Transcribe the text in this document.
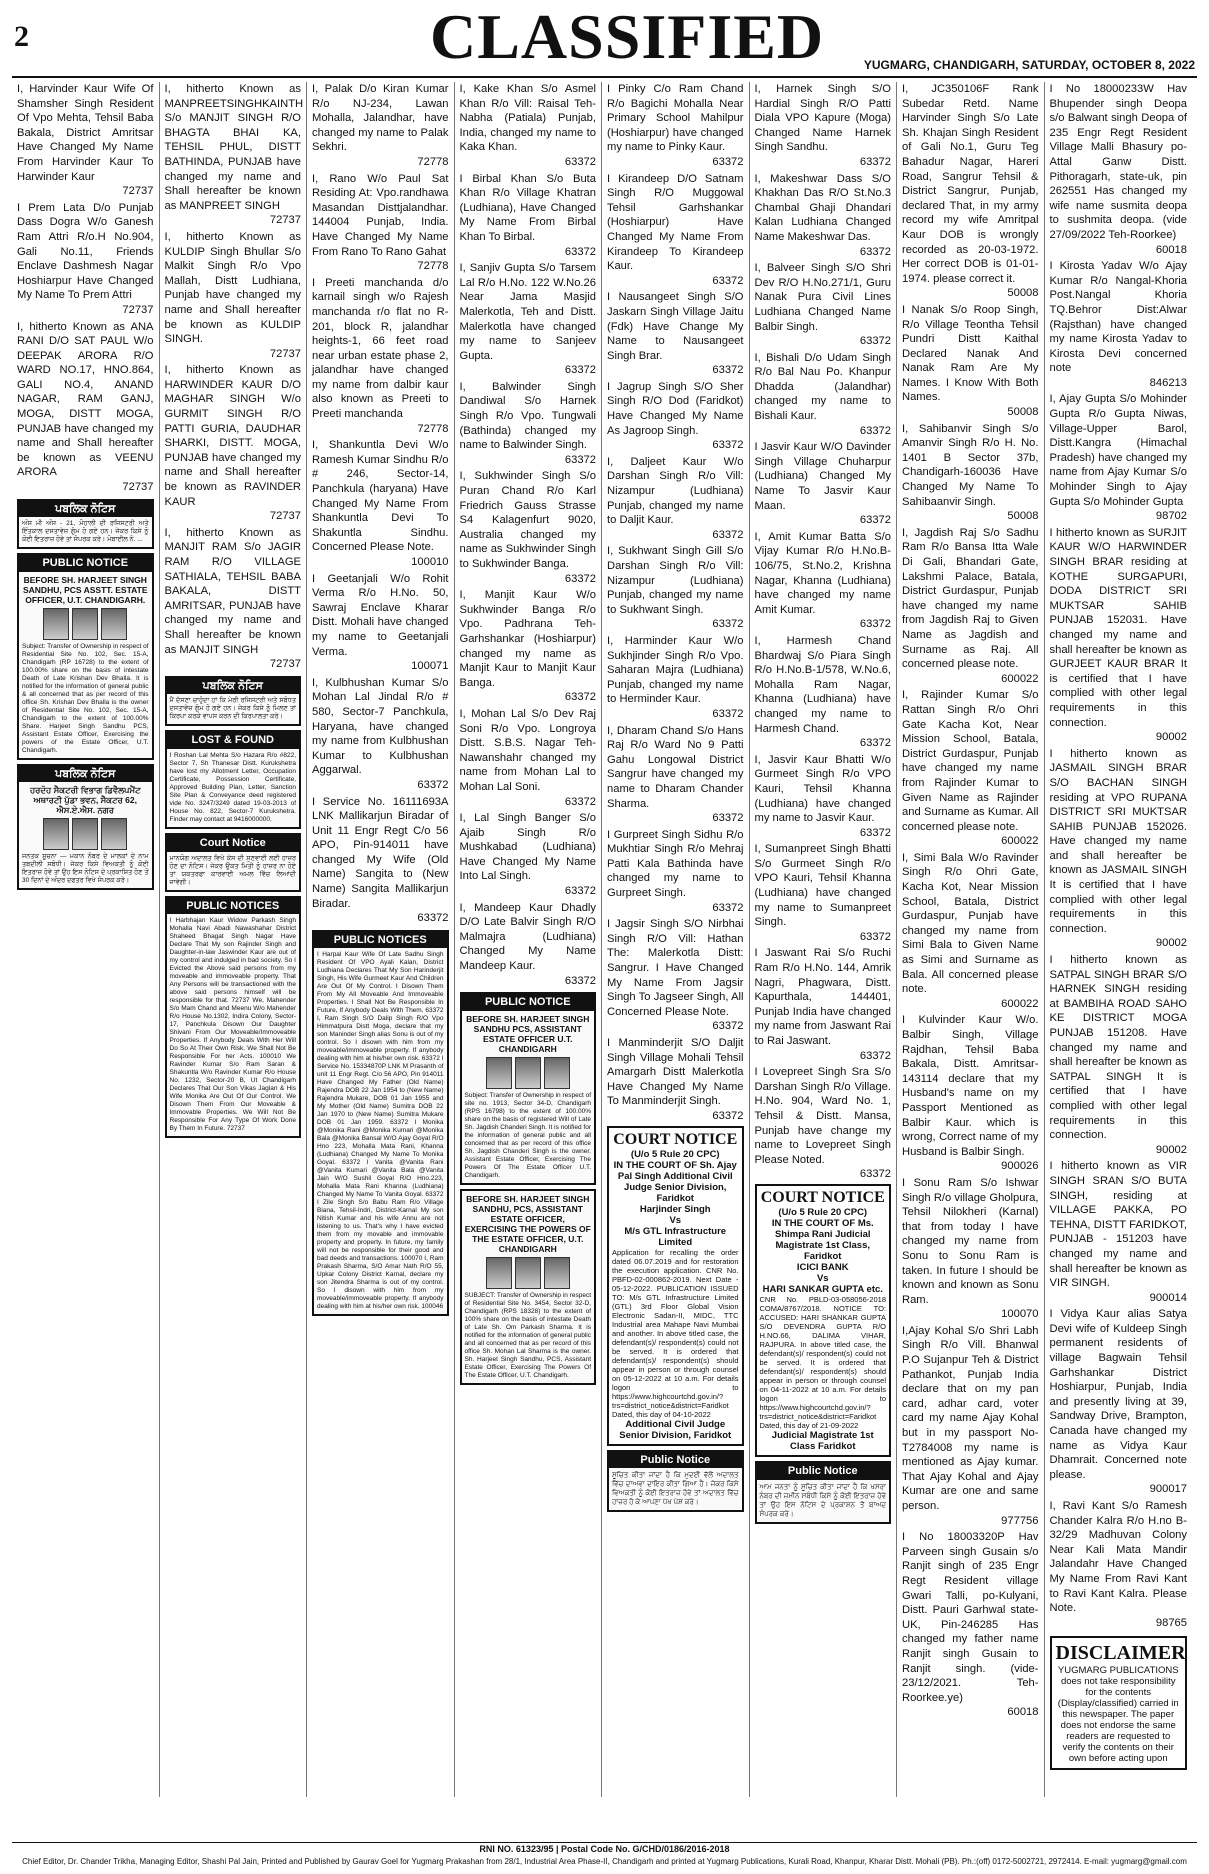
2	CLASSIFIED	YUGMARG, CHANDIGARH, SATURDAY, OCTOBER 8, 2022

I, Harvinder Kaur Wife Of Shamsher Singh Resident Of Vpo Mehta, Tehsil Baba Bakala, District Amritsar Have Changed My Name From Harvinder Kaur To Harwinder Kaur

72737

I Prem Lata D/o Punjab Dass Dogra W/o Ganesh Ram Attri R/o.H No.904, Gali No.11, Friends Enclave Dashmesh Nagar Hoshiarpur Have Changed My Name To Prem Attri

72737

I, hitherto Known as ANA RANI D/O SAT PAUL W/o DEEPAK ARORA R/O WARD NO.17, HNO.864, GALI NO.4, ANAND NAGAR, RAM GANJ, MOGA, DISTT MOGA, PUNJAB have changed my name and Shall hereafter be known as VEENU ARORA

72737
ਪਬਲਿਕ ਨੋਟਿਸ
ਅੰਸ ਮੀ ਅੰਸ - 21, ਮੋਹਾਲੀ ਦੀ ਰਜਿਸਟਰੀ ਅਤੇ ਇੰਤਕਾਲ ਦਸਤਾਵੇਜ਼ ਗੁੰਮ ਹੋ ਗਏ ਹਨ। ਜੇਕਰ ਕਿਸੇ ਨੂੰ ਕੋਈ ਇਤਰਾਜ਼ ਹੋਵੇ ਤਾਂ ਸੰਪਰਕ ਕਰੇ। ਮੋਬਾਈਲ ਨੰ. ...
PUBLIC NOTICE
BEFORE SH. HARJEET SINGH SANDHU, PCS ASSTT. ESTATE OFFICER, U.T. CHANDIGARH.
Subject: Transfer of Ownership in respect of Residential Site No. 102, Sec. 15-A, Chandigarh (RP 16728) to the extent of 100.00% share on the basis of intestate Death of Late Krishan Dev Bhalla. It is notified for the information of general public & all concerned that as per record of this office Sh. Krishan Dev Bhalla is the owner of Residential Site No. 102, Sec. 15-A, Chandigarh to the extent of 100.00% Share. Harjeet Singh Sandhu PCS, Assistant Estate Officer, Exercising the powers of the Estate Officer, U.T. Chandigarh.
ਪਬਲਿਕ ਨੋਟਿਸ
ਹਰਦੋਹ ਸੈਕਟਰੀ ਵਿਭਾਗ ਡਿਵੈਲਪਮੈਂਟ ਅਥਾਰਟੀ ਪੁੱਡਾ ਭਵਨ, ਸੈਕਟਰ 62, ਐਸ.ਏ.ਐਸ. ਨਗਰ
ਜਨਤਕ ਸੂਚਨਾ — ਮਕਾਨ ਨੰਬਰ ਦੇ ਮਾਲਕਾਂ ਦੇ ਨਾਮ ਤਬਦੀਲੀ ਸਬੰਧੀ। ਜੇਕਰ ਕਿਸੇ ਵਿਅਕਤੀ ਨੂੰ ਕੋਈ ਇਤਰਾਜ਼ ਹੋਵੇ ਤਾਂ ਉਹ ਇਸ ਨੋਟਿਸ ਦੇ ਪ੍ਰਕਾਸ਼ਿਤ ਹੋਣ ਤੋਂ 30 ਦਿਨਾਂ ਦੇ ਅੰਦਰ ਦਫਤਰ ਵਿਖੇ ਸੰਪਰਕ ਕਰੇ।

I, hitherto Known as MANPREETSINGHKAINTH S/o MANJIT SINGH R/O BHAGTA BHAI KA, TEHSIL PHUL, DISTT BATHINDA, PUNJAB have changed my name and Shall hereafter be known as MANPREET SINGH

72737

I, hitherto Known as KULDIP Singh Bhullar S/o Malkit Singh R/o Vpo Mallah, Distt Ludhiana, Punjab have changed my name and Shall hereafter be known as KULDIP SINGH.

72737

I, hitherto Known as HARWINDER KAUR D/O MAGHAR SINGH W/o GURMIT SINGH R/O PATTI GURIA, DAUDHAR SHARKI, DISTT. MOGA, PUNJAB have changed my name and Shall hereafter be known as RAVINDER KAUR

72737

I, hitherto Known as MANJIT RAM S/o JAGIR RAM R/O VILLAGE SATHIALA, TEHSIL BABA BAKALA, DISTT AMRITSAR, PUNJAB have changed my name and Shall hereafter be known as MANJIT SINGH

72737
ਪਬਲਿਕ ਨੋਟਿਸ
ਮੈਂ ਦੱਸਣਾ ਚਾਹੁੰਦਾ ਹਾਂ ਕਿ ਮੇਰੀ ਰਜਿਸਟਰੀ ਅਤੇ ਸਬੰਧਤ ਦਸਤਾਵੇਜ਼ ਗੁੰਮ ਹੋ ਗਏ ਹਨ। ਜੇਕਰ ਕਿਸੇ ਨੂੰ ਮਿਲਣ ਤਾਂ ਕਿਰਪਾ ਕਰਕੇ ਵਾਪਸ ਕਰਨ ਦੀ ਕਿਰਪਾਲਤਾ ਕਰੇ।
LOST & FOUND
I Roshan Lal Mehta S/o Hazara R/o #822, Sector 7, Sh Thanesar Distt. Kurukshetra have lost my Allotment Letter, Occupation Certificate, Possession Certificate, Approved Building Plan, Letter, Sanction Site Plan & Conveyance deed registered vide No. 3247/3249 dated 19-03-2013 of House No. 822, Sector-7 Kurukshetra. Finder may contact at 9416000000.
Court Notice
ਮਾਨਯੋਗ ਅਦਾਲਤ ਵਿਖੇ ਕੇਸ ਦੀ ਸੁਣਵਾਈ ਲਈ ਹਾਜ਼ਰ ਹੋਣ ਦਾ ਨੋਟਿਸ। ਜੇਕਰ ਉਕਤ ਮਿਤੀ ਨੂੰ ਹਾਜ਼ਰ ਨਾ ਹੋਏ ਤਾਂ ਯਕਤਰਫਾ ਕਾਰਵਾਈ ਅਮਲ ਵਿੱਚ ਲਿਆਂਦੀ ਜਾਵੇਗੀ।
PUBLIC NOTICES
I Harbhajan Kaur Widow Parkash Singh Mohalla Navi Abadi Nawashahar District Shaheed Bhagat Singh Nagar Have Declare That My son Rajinder Singh and Daughter-in-law Jaswinder Kaur are out of my control and indulged in bad society. So I Evicted the Above said persons from my moveable and immoveable property. That Any Persons will be transactioned with the above said persons himself will be responsible for that. 72737 We, Mahender S/o Mam Chand and Meenu W/o Mahender R/o House No.1302, Indira Colony, Sector-17, Panchkula Disown Our Daughter Shivani From Our Moveable/Immoveable Properties. If Anybody Deals With Her Will Do So At Their Own Risk. We Shall Not Be Responsible For her Acts. 100010 We Ravinder Kumar S/o Ram Saran & Shakuntla W/o Ravinder Kumar R/o House No. 1232, Sector-20 B, Ut Chandigarh Declares That Our Son Vikas Jaglan & His Wife Monika Are Out Of Our Control. We Disown Them From Our Moveable & Immovable Properties. We Will Not Be Responsible For Any Type Of Work Done By Them In Future. 72737

I, Palak D/o Kiran Kumar R/o NJ-234, Lawan Mohalla, Jalandhar, have changed my name to Palak Sekhri.

72778

I, Rano W/o Paul Sat Residing At: Vpo.randhawa Masandan Disttjalandhar. 144004 Punjab, India. Have Changed My Name From Rano To Rano Gahat

72778

I Preeti manchanda d/o karnail singh w/o Rajesh manchanda r/o flat no R-201, block R, jalandhar heights-1, 66 feet road near urban estate phase 2, jalandhar have changed my name from dalbir kaur also known as Preeti to Preeti manchanda

72778

I, Shankuntla Devi W/o Ramesh Kumar Sindhu R/o # 246, Sector-14, Panchkula (haryana) Have Changed My Name From Shankuntla Devi To Shakuntla Sindhu. Concerned Please Note.

100010

I Geetanjali W/o Rohit Verma R/o H.No. 50, Sawraj Enclave Kharar Distt. Mohali have changed my name to Geetanjali Verma.

100071

I, Kulbhushan Kumar S/o Mohan Lal Jindal R/o # 580, Sector-7 Panchkula, Haryana, have changed my name from Kulbhushan Kumar to Kulbhushan Aggarwal.

63372

I Service No. 16111693A LNK Mallikarjun Biradar of Unit 11 Engr Regt C/o 56 APO, Pin-914011 have changed My Wife (Old Name) Sangita to (New Name) Sangita Mallikarjun Biradar.

63372
PUBLIC NOTICES
I Harpal Kaur Wife Of Late Sadhu Singh Resident Of VPO Ayali Kalan, District Ludhiana Declares That My Son Harinderjit Singh, His Wife Gurmeet Kaur And Children Are Out Of My Control. I Disown Them From My All Moveable And Immoveable Properties. I Shall Not Be Responsible In Future, If Anybody Deals With Them. 63372 I, Ram Singh S/O Dalip Singh R/O Vpo Himmatpura Distt Moga, declare that my son Maninder Singh alias Sonu is out of my control. So I disown with him from my moveable/immoveable property. If anybody dealing with him at his/her own risk. 63372 I Service No. 15334870P LNK M Prasanth of unit 11 Engr Regt. C/o 56 APO, Pin 914011 Have Changed My Father (Old Name) Rajendra DOB 22 Jan 1954 to (New Name) Rajendra Mukare, DOB 01 Jan 1955 and My Mother (Old Name) Sumitra DOB 22 Jan 1970 to (New Name) Sumitra Mukare DOB 01 Jan 1959. 63372 I Monika @Monika Rani @Monika Kumari @Monika Bala @Monika Bansal W/O Ajay Goyal R/O Hno 223, Mohalla Mata Rani, Khanna (Ludhiana) Changed My Name To Monika Goyal. 63372 I Vanita @Vanita Rani @Vanita Kumari @Vanita Bala @Vanita Jain W/O Sushil Goyal R/O Hno.223, Mohalla Mata Rani Khanna (Ludhiana) Changed My Name To Vanita Goyal. 63372 I Zile Singh S/o Babu Ram R/o Village Biana, Tehsil-Indri, District-Karnal My son Nitish Kumar and his wife Annu are not listening to us. That's why I have evicted them from my movable and immovable property and property. In future, my family will not be responsible for their good and bad deeds and transactions. 100070 I, Ram Prakash Sharma, S/O Amar Nath R/O 55, Upkar Colony District Karnal, declare my son Jitendra Sharma is out of my control. So I disown with him from my moveable/immoveable property. If anybody dealing with him at his/her own risk. 100046

I, Kake Khan S/o Asmel Khan R/o Vill: Raisal Teh-Nabha (Patiala) Punjab, India, changed my name to Kaka Khan.

63372

I Birbal Khan S/o Buta Khan R/o Village Khatran (Ludhiana), Have Changed My Name From Birbal Khan To Birbal.

63372

I, Sanjiv Gupta S/o Tarsem Lal R/o H.No. 122 W.No.26 Near Jama Masjid Malerkotla, Teh and Distt. Malerkotla have changed my name to Sanjeev Gupta.

63372

I, Balwinder Singh Dandiwal S/o Harnek Singh R/o Vpo. Tungwali (Bathinda) changed my name to Balwinder Singh.

63372

I, Sukhwinder Singh S/o Puran Chand R/o Karl Friedrich Gauss Strasse S4 Kalagenfurt 9020, Australia changed my name as Sukhwinder Singh to Sukhwinder Banga.

63372

I, Manjit Kaur W/o Sukhwinder Banga R/o Vpo. Padhrana Teh-Garhshankar (Hoshiarpur) changed my name as Manjit Kaur to Manjit Kaur Banga.

63372

I, Mohan Lal S/o Dev Raj Soni R/o Vpo. Longroya Distt. S.B.S. Nagar Teh-Nawanshahr changed my name from Mohan Lal to Mohan Lal Soni.

63372

I, Lal Singh Banger S/o Ajaib Singh R/o Mushkabad (Ludhiana) Have Changed My Name Into Lal Singh.

63372

I, Mandeep Kaur Dhadly D/O Late Balvir Singh R/O Malmajra (Ludhiana) Changed My Name Mandeep Kaur.

63372
PUBLIC NOTICE
BEFORE SH. HARJEET SINGH SANDHU PCS, ASSISTANT ESTATE OFFICER U.T. CHANDIGARH
Subject: Transfer of Ownership in respect of site no. 1913, Sector 34-D, Chandigarh (RPS 16798) to the extent of 100.00% share on the basis of registered Will of Late Sh. Jagdish Chanderi Singh. It is notified for the information of general public and all concerned that as per record of this office Sh. Jagdish Chanderi Singh is the owner. Assistant Estate Officer, Exercising The Powers Of The Estate Officer U.T. Chandigarh.
BEFORE SH. HARJEET SINGH SANDHU, PCS, ASSISTANT ESTATE OFFICER, EXERCISING THE POWERS OF THE ESTATE OFFICER, U.T. CHANDIGARH
SUBJECT: Transfer of Ownership in respect of Residential Site No. 3454, Sector 32-D, Chandigarh (RPS 18328) to the extent of 100% share on the basis of intestate Death of Late Sh. Om Parkash Sharma. It is notified for the information of general public and all concerned that as per record of this office Sh. Mohan Lal Sharma is the owner. Sh. Harjeet Singh Sandhu, PCS, Assistant Estate Officer, Exercising The Powers Of The Estate Officer, U.T. Chandigarh.

I Pinky C/o Ram Chand R/o Bagichi Mohalla Near Primary School Mahilpur (Hoshiarpur) have changed my name to Pinky Kaur.

63372

I Kirandeep D/O Satnam Singh R/O Muggowal Tehsil Garhshankar (Hoshiarpur) Have Changed My Name From Kirandeep To Kirandeep Kaur.

63372

I Nausangeet Singh S/O Jaskarn Singh Village Jaitu (Fdk) Have Change My Name to Nausangeet Singh Brar.

63372

I Jagrup Singh S/O Sher Singh R/O Dod (Faridkot) Have Changed My Name As Jagroop Singh.

63372

I, Daljeet Kaur W/o Darshan Singh R/o Vill: Nizampur (Ludhiana) Punjab, changed my name to Daljit Kaur.

63372

I, Sukhwant Singh Gill S/o Darshan Singh R/o Vill: Nizampur (Ludhiana) Punjab, changed my name to Sukhwant Singh.

63372

I, Harminder Kaur W/o Sukhjinder Singh R/o Vpo. Saharan Majra (Ludhiana) Punjab, changed my name to Herminder Kaur.

63372

I, Dharam Chand S/o Hans Raj R/o Ward No 9 Patti Gahu Longowal District Sangrur have changed my name to Dharam Chander Sharma.

63372

I Gurpreet Singh Sidhu R/o Mukhtiar Singh R/o Mehraj Patti Kala Bathinda have changed my name to Gurpreet Singh.

63372

I Jagsir Singh S/O Nirbhai Singh R/O Vill: Hathan The: Malerkotla Distt: Sangrur. I Have Changed My Name From Jagsir Singh To Jagseer Singh, All Concerned Please Note.

63372

I Manminderjit S/O Daljit Singh Village Mohali Tehsil Amargarh Distt Malerkotla Have Changed My Name To Manminderjit Singh.

63372
COURT NOTICE
(U/o 5 Rule 20 CPC)
IN THE COURT OF Sh. Ajay Pal Singh Additional Civil Judge Senior Division, Faridkot
Harjinder Singh
Vs
M/s GTL Infrastructure Limited
Application for recalling the order dated 06.07.2019 and for restoration the execution application. CNR No. PBFD-02-000862-2019. Next Date - 05-12-2022. PUBLICATION ISSUED TO: M/s GTL Infrastructure Limited (GTL) 3rd Floor Global Vision Electronic Sadan-II, MIDC, TTC Industrial area Mahape Navi Mumbai and another. In above titled case, the defendant(s)/ respondent(s) could not be served. It is ordered that defendant(s)/ respondent(s) should appear in person or through counsel on 05-12-2022 at 10 a.m. For details logon to https://www.highcourtchd.gov.in/?trs=district_notice&district=Faridkot
Dated, this day of 04-10-2022
Additional Civil Judge Senior Division, Faridkot
Public Notice
ਸੂਚਿਤ ਕੀਤਾ ਜਾਂਦਾ ਹੈ ਕਿ ਮੁਦਈ ਵੱਲੋਂ ਅਦਾਲਤ ਵਿੱਚ ਦਾਅਵਾ ਦਾਇਰ ਕੀਤਾ ਗਿਆ ਹੈ। ਜੇਕਰ ਕਿਸੇ ਵਿਅਕਤੀ ਨੂੰ ਕੋਈ ਇਤਰਾਜ਼ ਹੋਵੇ ਤਾਂ ਅਦਾਲਤ ਵਿੱਚ ਹਾਜ਼ਰ ਹੋ ਕੇ ਆਪਣਾ ਪੱਖ ਪੇਸ਼ ਕਰੇ।

I, Harnek Singh S/O Hardial Singh R/O Patti Diala VPO Kapure (Moga) Changed Name Harnek Singh Sandhu.

63372

I, Makeshwar Dass S/O Khakhan Das R/O St.No.3 Chambal Ghaji Dhandari Kalan Ludhiana Changed Name Makeshwar Das.

63372

I, Balveer Singh S/O Shri Dev R/O H.No.271/1, Guru Nanak Pura Civil Lines Ludhiana Changed Name Balbir Singh.

63372

I, Bishali D/o Udam Singh R/o Bal Nau Po. Khanpur Dhadda (Jalandhar) changed my name to Bishali Kaur.

63372

I Jasvir Kaur W/O Davinder Singh Village Chuharpur (Ludhiana) Changed My Name To Jasvir Kaur Maan.

63372

I, Amit Kumar Batta S/o Vijay Kumar R/o H.No.B-106/75, St.No.2, Krishna Nagar, Khanna (Ludhiana) have changed my name Amit Kumar.

63372

I, Harmesh Chand Bhardwaj S/o Piara Singh R/o H.No.B-1/578, W.No.6, Mohalla Ram Nagar, Khanna (Ludhiana) have changed my name to Harmesh Chand.

63372

I, Jasvir Kaur Bhatti W/o Gurmeet Singh R/o VPO Kauri, Tehsil Khanna (Ludhiana) have changed my name to Jasvir Kaur.

63372

I, Sumanpreet Singh Bhatti S/o Gurmeet Singh R/o VPO Kauri, Tehsil Khanna (Ludhiana) have changed my name to Sumanpreet Singh.

63372

I Jaswant Rai S/o Ruchi Ram R/o H.No. 144, Amrik Nagri, Phagwara, Distt. Kapurthala, 144401, Punjab India have changed my name from Jaswant Rai to Rai Jaswant.

63372

I Lovepreet Singh Sra S/o Darshan Singh R/o Village. H.No. 904, Ward No. 1, Tehsil & Distt. Mansa, Punjab have change my name to Lovepreet Singh Please Noted.

63372
COURT NOTICE
(U/o 5 Rule 20 CPC)
IN THE COURT OF Ms. Shimpa Rani Judicial Magistrate 1st Class, Faridkot
ICICI BANK
Vs
HARI SANKAR GUPTA etc.
CNR No. PBLD-03-058056-2018 COMA/8767/2018. NOTICE TO: ACCUSED: HARI SHANKAR GUPTA S/O DEVENDRA GUPTA R/O H.NO.66, DALIMA VIHAR, RAJPURA. In above titled case, the defendant(s)/ respondent(s) could not be served. It is ordered that defendant(s)/ respondent(s) should appear in person or through counsel on 04-11-2022 at 10 a.m. For details logon to https://www.highcourtchd.gov.in/?trs=district_notice&district=Faridkot
Dated, this day of 21-09-2022
Judicial Magistrate 1st Class Faridkot
Public Notice
ਆਮ ਜਨਤਾ ਨੂੰ ਸੂਚਿਤ ਕੀਤਾ ਜਾਂਦਾ ਹੈ ਕਿ ਖਸਰਾ ਨੰਬਰ ਦੀ ਜ਼ਮੀਨ ਸਬੰਧੀ ਕਿਸੇ ਨੂੰ ਕੋਈ ਇਤਰਾਜ਼ ਹੋਵੇ ਤਾਂ ਉਹ ਇਸ ਨੋਟਿਸ ਦੇ ਪ੍ਰਕਾਸ਼ਨ ਤੋਂ ਬਾਅਦ ਸੰਪਰਕ ਕਰੇ।

I, JC350106F Rank Subedar Retd. Name Harvinder Singh S/o Late Sh. Khajan Singh Resident of Gali No.1, Guru Teg Bahadur Nagar, Hareri Road, Sangrur Tehsil & District Sangrur, Punjab, declared That, in my army record my wife Amritpal Kaur DOB is wrongly recorded as 20-03-1972. Her correct DOB is 01-01-1974. please correct it.

50008

I Nanak S/o Roop Singh, R/o Village Teontha Tehsil Pundri Distt Kaithal Declared Nanak And Nanak Ram Are My Names. I Know With Both Names.

50008

I, Sahibanvir Singh S/o Amanvir Singh R/o H. No. 1401 B Sector 37b, Chandigarh-160036 Have Changed My Name To Sahibaanvir Singh.

50008

I, Jagdish Raj S/o Sadhu Ram R/o Bansa Itta Wale Di Gali, Bhandari Gate, Lakshmi Palace, Batala, District Gurdaspur, Punjab have changed my name from Jagdish Raj to Given Name as Jagdish and Surname as Raj. All concerned please note.

600022

I, Rajinder Kumar S/o Rattan Singh R/o Ohri Gate Kacha Kot, Near Mission School, Batala, District Gurdaspur, Punjab have changed my name from Rajinder Kumar to Given Name as Rajinder and Surname as Kumar. All concerned please note.

600022

I, Simi Bala W/o Ravinder Singh R/o Ohri Gate, Kacha Kot, Near Mission School, Batala, District Gurdaspur, Punjab have changed my name from Simi Bala to Given Name as Simi and Surname as Bala. All concerned please note.

600022

I Kulvinder Kaur W/o. Balbir Singh, Village Rajdhan, Tehsil Baba Bakala, Distt. Amritsar-143114 declare that my Husband's name on my Passport Mentioned as Balbir Kaur. which is wrong, Correct name of my Husband is Balbir Singh.

900026

I Sonu Ram S/o Ishwar Singh R/o village Gholpura, Tehsil Nilokheri (Karnal) that from today I have changed my name from Sonu to Sonu Ram is taken. In future I should be known and known as Sonu Ram.

100070

I,Ajay Kohal S/o Shri Labh Singh R/o Vill. Bhanwal P.O Sujanpur Teh & District Pathankot, Punjab India declare that on my pan card, adhar card, voter card my name Ajay Kohal but in my passport No-T2784008 my name is mentioned as Ajay kumar. That Ajay Kohal and Ajay Kumar are one and same person.

977756

I No 18003320P Hav Parveen singh Gusain s/o Ranjit singh of 235 Engr Regt Resident village Gwari Talli, po-Kulyani, Distt. Pauri Garhwal state-UK, Pin-246285 Has changed my father name Ranjit singh Gusain to Ranjit singh. (vide-23/12/2021. Teh-Roorkee.ye)

60018

I No 18000233W Hav Bhupender singh Deopa s/o Balwant singh Deopa of 235 Engr Regt Resident Village Malli Bhasury po-Attal Ganw Distt. Pithoragarh, state-uk, pin 262551 Has changed my wife name susmita deopa to sushmita deopa. (vide 27/09/2022 Teh-Roorkee)

60018

I Kirosta Yadav W/o Ajay Kumar R/o Nangal-Khoria Post.Nangal Khoria TQ.Behror Dist:Alwar (Rajsthan) have changed my name Kirosta Yadav to Kirosta Devi concerned note

846213

I, Ajay Gupta S/o Mohinder Gupta R/o Gupta Niwas, Village-Upper Barol, Distt.Kangra (Himachal Pradesh) have changed my name from Ajay Kumar S/o Mohinder Singh to Ajay Gupta S/o Mohinder Gupta

98702

I hitherto known as SURJIT KAUR W/O HARWINDER SINGH BRAR residing at KOTHE SURGAPURI, DODA DISTRICT SRI MUKTSAR SAHIB PUNJAB 152031. Have changed my name and shall hereafter be known as GURJEET KAUR BRAR It is certified that I have complied with other legal requirements in this connection.

90002

I hitherto known as JASMAIL SINGH BRAR S/O BACHAN SINGH residing at VPO RUPANA DISTRICT SRI MUKTSAR SAHIB PUNJAB 152026. Have changed my name and shall hereafter be known as JASMAIL SINGH It is certified that I have complied with other legal requirements in this connection.

90002

I hitherto known as SATPAL SINGH BRAR S/O HARNEK SINGH residing at BAMBIHA ROAD SAHO KE DISTRICT MOGA PUNJAB 151208. Have changed my name and shall hereafter be known as SATPAL SINGH It is certified that I have complied with other legal requirements in this connection.

90002

I hitherto known as VIR SINGH SRAN S/O BUTA SINGH, residing at VILLAGE PAKKA, PO TEHNA, DISTT FARIDKOT, PUNJAB - 151203 have changed my name and shall hereafter be known as VIR SINGH.

900014

I Vidya Kaur alias Satya Devi wife of Kuldeep Singh permanent residents of village Bagwain Tehsil Garhshankar District Hoshiarpur, Punjab, India and presently living at 39, Sandway Drive, Brampton, Canada have changed my name as Vidya Kaur Dhamrait. Concerned note please.

900017

I, Ravi Kant S/o Ramesh Chander Kalra R/o H.no B-32/29 Madhuvan Colony Near Kali Mata Mandir Jalandahr Have Changed My Name From Ravi Kant to Ravi Kant Kalra. Please Note.

98765
DISCLAIMER
YUGMARG PUBLICATIONS does not take responsibility for the contents (Display/classified) carried in this newspaper. The paper does not endorse the same readers are requested to verify the contents on their own before acting upon
RNI NO. 61323/95 | Postal Code No. G/CHD/0186/2016-2018
Chief Editor, Dr. Chander Trikha, Managing Editor, Shashi Pal Jain, Printed and Published by Gaurav Goel for Yugmarg Prakashan from 28/1, Industrial Area Phase-II, Chandigarh and printed at Yugmarg Publications, Kurali Road, Khanpur, Kharar Distt. Mohali (PB). Ph.:(off) 0172-5002721, 2972414. E-mail: yugmarg@gmail.com
